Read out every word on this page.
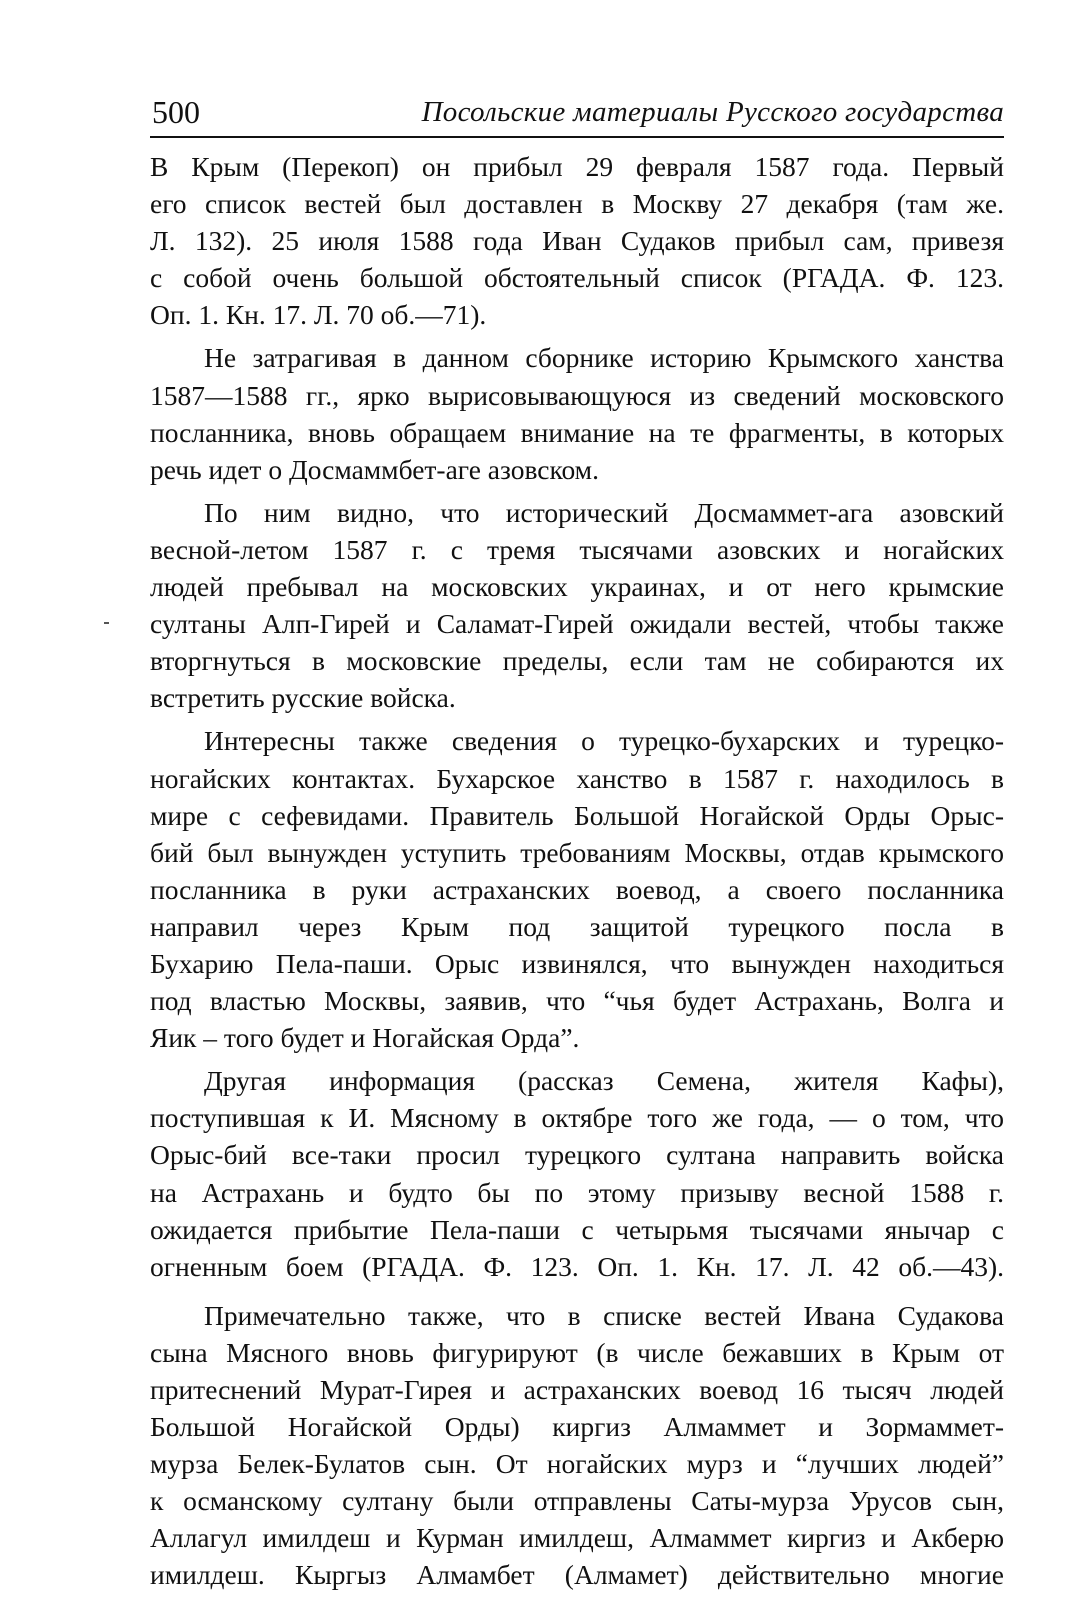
500	Посольские материалы Русского государства
В Крым (Перекоп) он прибыл 29 февраля 1587 года. Первый
его список вестей был доставлен в Москву 27 декабря (там же.
Л. 132). 25 июля 1588 года Иван Судаков прибыл сам, привезя
с собой очень большой обстоятельный список (РГАДА. Ф. 123.
Оп. 1. Кн. 17. Л. 70 об.—71).
Не затрагивая в данном сборнике историю Крымского ханства
1587—1588 гг., ярко вырисовывающуюся из сведений московского
посланника, вновь обращаем внимание на те фрагменты, в которых
речь идет о Досмаммбет-аге азовском.
По ним видно, что исторический Досмаммет-ага азовский
весной-летом 1587 г. с тремя тысячами азовских и ногайских
людей пребывал на московских украинах, и от него крымские
султаны Алп-Гирей и Саламат-Гирей ожидали вестей, чтобы также
вторгнуться в московские пределы, если там не собираются их
встретить русские войска.
Интересны также сведения о турецко-бухарских и турецко-
ногайских контактах. Бухарское ханство в 1587 г. находилось в
мире с сефевидами. Правитель Большой Ногайской Орды Орыс-
бий был вынужден уступить требованиям Москвы, отдав крымского
посланника в руки астраханских воевод, а своего посланника
направил через Крым под защитой турецкого посла в
Бухарию Пела-паши. Орыс извинялся, что вынужден находиться
под властью Москвы, заявив, что “чья будет Астрахань, Волга и
Яик – того будет и Ногайская Орда”.
Другая информация (рассказ Семена, жителя Кафы),
поступившая к И. Мясному в октябре того же года, — о том, что
Орыс-бий все-таки просил турецкого султана направить войска
на Астрахань и будто бы по этому призыву весной 1588 г.
ожидается прибытие Пела-паши с четырьмя тысячами янычар с
огненным боем (РГАДА. Ф. 123. Оп. 1. Кн. 17. Л. 42 об.—43).
Примечательно также, что в списке вестей Ивана Судакова
сына Мясного вновь фигурируют (в числе бежавших в Крым от
притеснений Мурат-Гирея и астраханских воевод 16 тысяч людей
Большой Ногайской Орды) киргиз Алмаммет и Зормаммет-
мурза Белек-Булатов сын. От ногайских мурз и “лучших людей”
к османскому султану были отправлены Саты-мурза Урусов сын,
Аллагул имилдеш и Курман имилдеш, Алмаммет киргиз и Акберю
имилдеш. Кыргыз Алмамбет (Алмамет) действительно многие
